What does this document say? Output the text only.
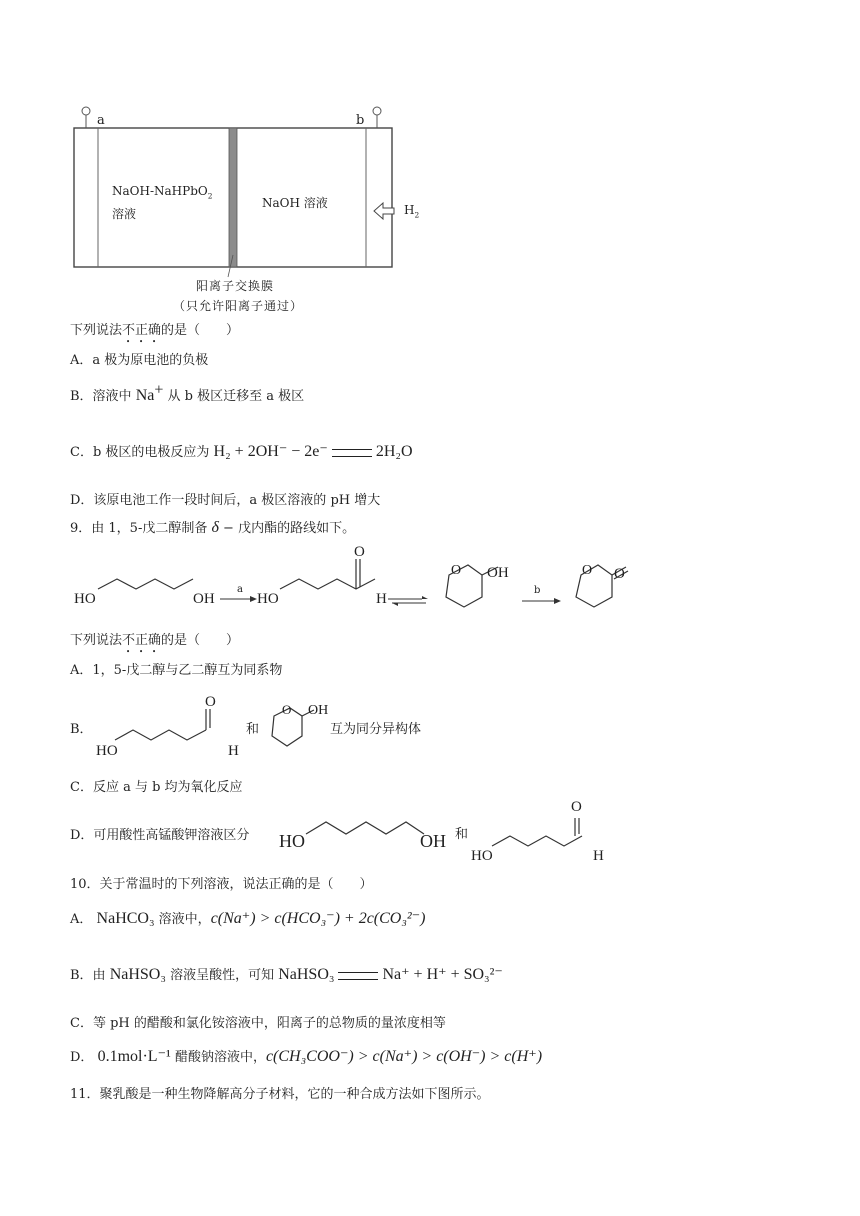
a	b
NaOH-NaHPbO$_2$
溶液
NaOH 溶液	$H_2$
阳离子交换膜
（只允许阳离子通过）
下列说法不正确的是（　　）
A．a 极为原电池的负极
B．溶液中 Na+ 从 b 极区迁移至 a 极区
C．b 极区的电极反应为 H₂ + 2OH⁻ − 2e⁻	2H₂O
D．该原电池工作一段时间后，a 极区溶液的 pH 增大
9．由 1，5-戊二醇制备 δ − 戊内酯的路线如下。
HO	OH
a
HO
O
H
O OH
b
O O
下列说法不正确的是（　　）
A．1，5-戊二醇与乙二醇互为同系物
B．
HO
O
H
和
O OH
互为同分异构体
C．反应 a 与 b 均为氧化反应
D．可用酸性高锰酸钾溶液区分 HO	OH 和
HO
O
H
10．关于常温时的下列溶液，说法正确的是（　　）
A． NaHCO₃ 溶液中，c(Na⁺) > c(HCO₃⁻) + 2c(CO₃²⁻)
B．由 NaHSO₃ 溶液呈酸性，可知 NaHSO₃	Na⁺ + H⁺ + SO₃²⁻
C．等 pH 的醋酸和氯化铵溶液中，阳离子的总物质的量浓度相等
D． 0.1mol·L⁻¹ 醋酸钠溶液中，c(CH₃COO⁻) > c(Na⁺) > c(OH⁻) > c(H⁺)
11．聚乳酸是一种生物降解高分子材料，它的一种合成方法如下图所示。
